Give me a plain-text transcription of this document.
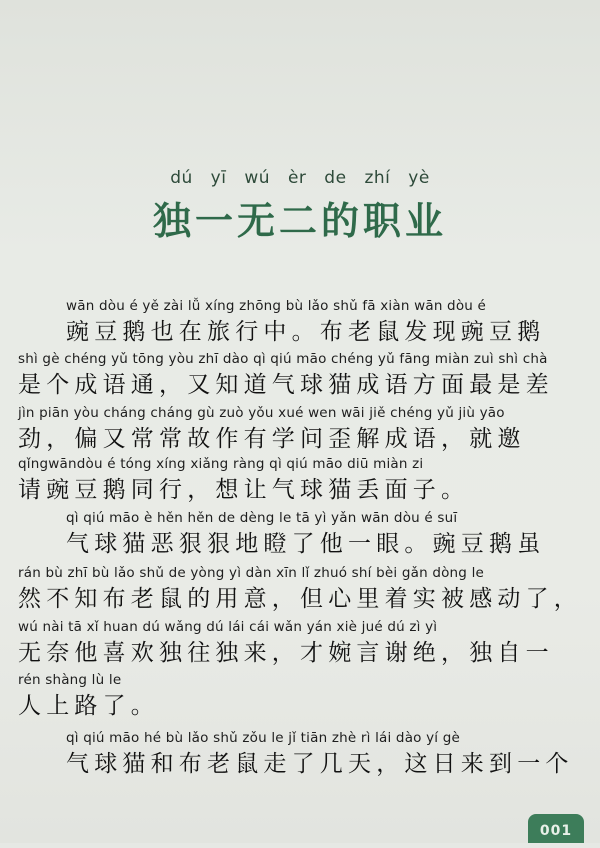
dú yī wú èr de zhí yè
独一无二的职业
wān dòu é yě zài lǚ xíng zhōng bù lǎo shǔ fā xiàn wān dòu é
豌豆鹅也在旅行中。布老鼠发现豌豆鹅
shì gè chéng yǔ tōng yòu zhī dào qì qiú māo chéng yǔ fāng miàn zuì shì chà
是个成语通，又知道气球猫成语方面最是差
jìn piān yòu cháng cháng gù zuò yǒu xué wen wāi jiě chéng yǔ jiù yāo
劲，偏又常常故作有学问歪解成语，就邀
qǐngwāndòu é tóng xíng xiǎng ràng qì qiú māo diū miàn zi
请豌豆鹅同行，想让气球猫丢面子。
qì qiú māo è hěn hěn de dèng le tā yì yǎn wān dòu é suī
气球猫恶狠狠地瞪了他一眼。豌豆鹅虽
rán bù zhī bù lǎo shǔ de yòng yì dàn xīn lǐ zhuó shí bèi gǎn dòng le
然不知布老鼠的用意，但心里着实被感动了，
wú nài tā xǐ huan dú wǎng dú lái cái wǎn yán xiè jué dú zì yì
无奈他喜欢独往独来，才婉言谢绝，独自一
rén shàng lù le
人上路了。
qì qiú māo hé bù lǎo shǔ zǒu le jǐ tiān zhè rì lái dào yí gè
气球猫和布老鼠走了几天，这日来到一个
001
